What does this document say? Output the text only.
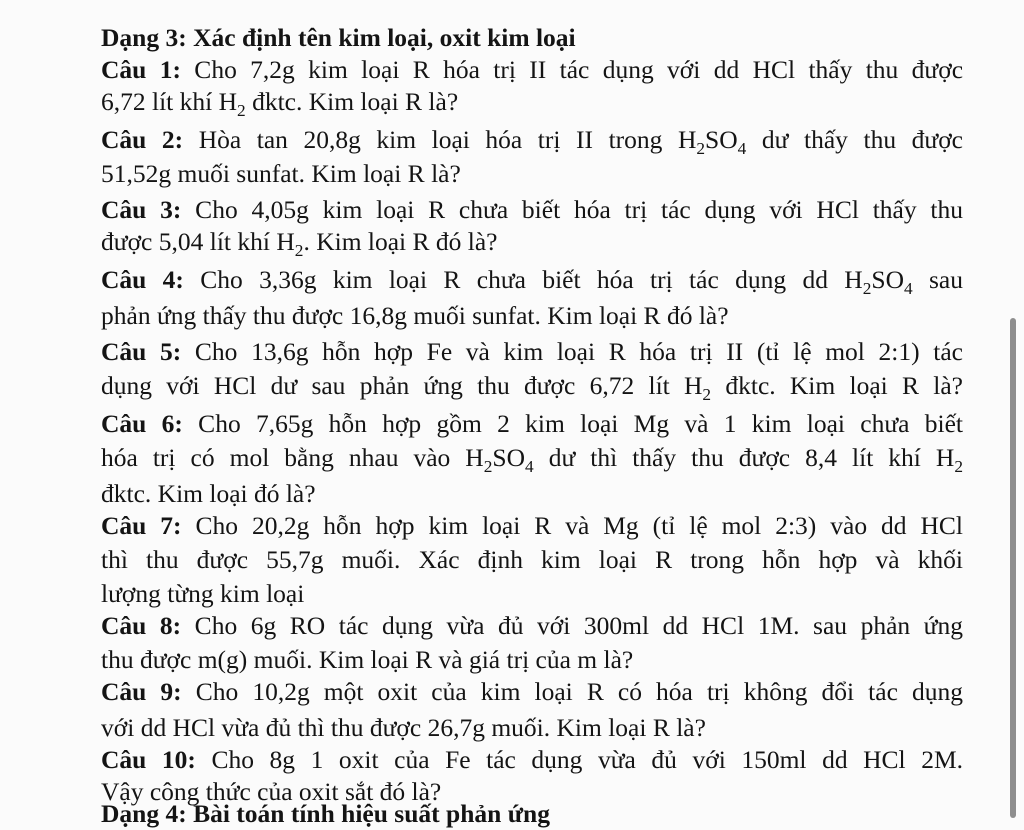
Dạng 3: Xác định tên kim loại, oxit kim loại
Câu 1: Cho 7,2g kim loại R hóa trị II tác dụng với dd HCl thấy thu được
6,72 lít khí $H_2$ đktc. Kim loại R là?
Câu 2: Hòa tan 20,8g kim loại hóa trị II trong $H_2SO_4$ dư thấy thu được
51,52g muối sunfat. Kim loại R là?
Câu 3: Cho 4,05g kim loại R chưa biết hóa trị tác dụng với HCl thấy thu
được 5,04 lít khí $H_2$. Kim loại R đó là?
Câu 4: Cho 3,36g kim loại R chưa biết hóa trị tác dụng dd $H_2SO_4$ sau
phản ứng thấy thu được 16,8g muối sunfat. Kim loại R đó là?
Câu 5: Cho 13,6g hỗn hợp Fe và kim loại R hóa trị II (tỉ lệ mol 2:1) tác
dụng với HCl dư sau phản ứng thu được 6,72 lít $H_2$ đktc. Kim loại R là?
Câu 6: Cho 7,65g hỗn hợp gồm 2 kim loại Mg và 1 kim loại chưa biết
hóa trị có mol bằng nhau vào $H_2SO_4$ dư thì thấy thu được 8,4 lít khí $H_2$
đktc. Kim loại đó là?
Câu 7: Cho 20,2g hỗn hợp kim loại R và Mg (tỉ lệ mol 2:3) vào dd HCl
thì thu được 55,7g muối. Xác định kim loại R trong hỗn hợp và khối
lượng từng kim loại
Câu 8: Cho 6g RO tác dụng vừa đủ với 300ml dd HCl 1M. sau phản ứng
thu được m(g) muối. Kim loại R và giá trị của m là?
Câu 9: Cho 10,2g một oxit của kim loại R có hóa trị không đổi tác dụng
với dd HCl vừa đủ thì thu được 26,7g muối. Kim loại R là?
Câu 10: Cho 8g 1 oxit của Fe tác dụng vừa đủ với 150ml dd HCl 2M.
Vậy công thức của oxit sắt đó là?
Dạng 4: Bài toán tính hiệu suất phản ứng
